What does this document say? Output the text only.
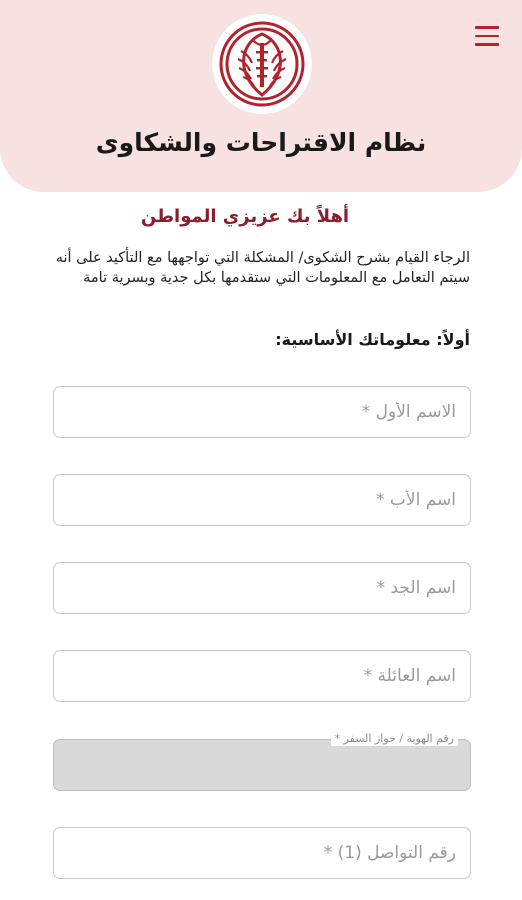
نظام الاقتراحات والشكاوى
أهلاً بك عزيزي المواطن
الرجاء القيام بشرح الشكوى/ المشكلة التي تواجهها مع التأكيد على أنه سيتم التعامل مع المعلومات التي ستقدمها بكل جدية وبسرية تامة
أولاً: معلوماتك الأساسية:
الاسم الأول *
اسم الأب *
اسم الجد *
اسم العائلة *
رقم الهوية / جواز السفر *
رقم التواصل (1) *
